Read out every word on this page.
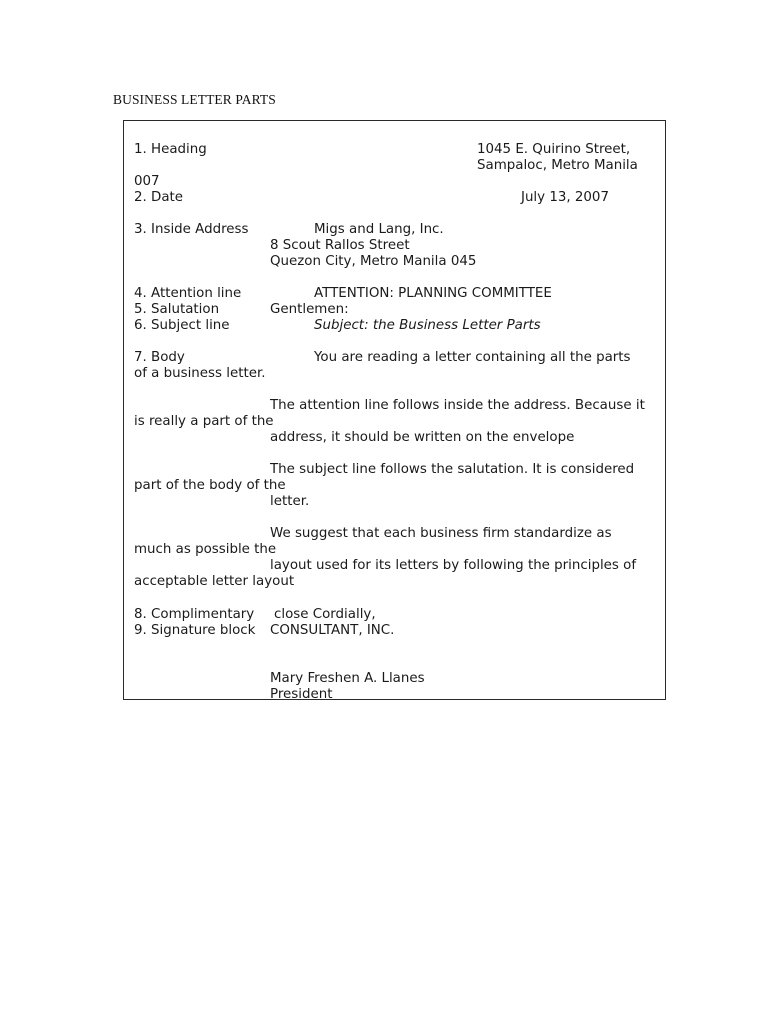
BUSINESS LETTER PARTS
1. Heading	1045 E. Quirino Street,
Sampaloc, Metro Manila
007
2. Date	July 13, 2007
3. Inside Address	Migs and Lang, Inc.
8 Scout Rallos Street
Quezon City, Metro Manila 045
4. Attention line	ATTENTION: PLANNING COMMITTEE
5. Salutation	Gentlemen:
6. Subject line	Subject: the Business Letter Parts
7. Body	You are reading a letter containing all the parts
of a business letter.
The attention line follows inside the address. Because it
is really a part of the
address, it should be written on the envelope
The subject line follows the salutation. It is considered
part of the body of the
letter.
We suggest that each business firm standardize as
much as possible the
layout used for its letters by following the principles of
acceptable letter layout
8. Complimentary close Cordially,
9. Signature block CONSULTANT, INC.
Mary Freshen A. Llanes
President
